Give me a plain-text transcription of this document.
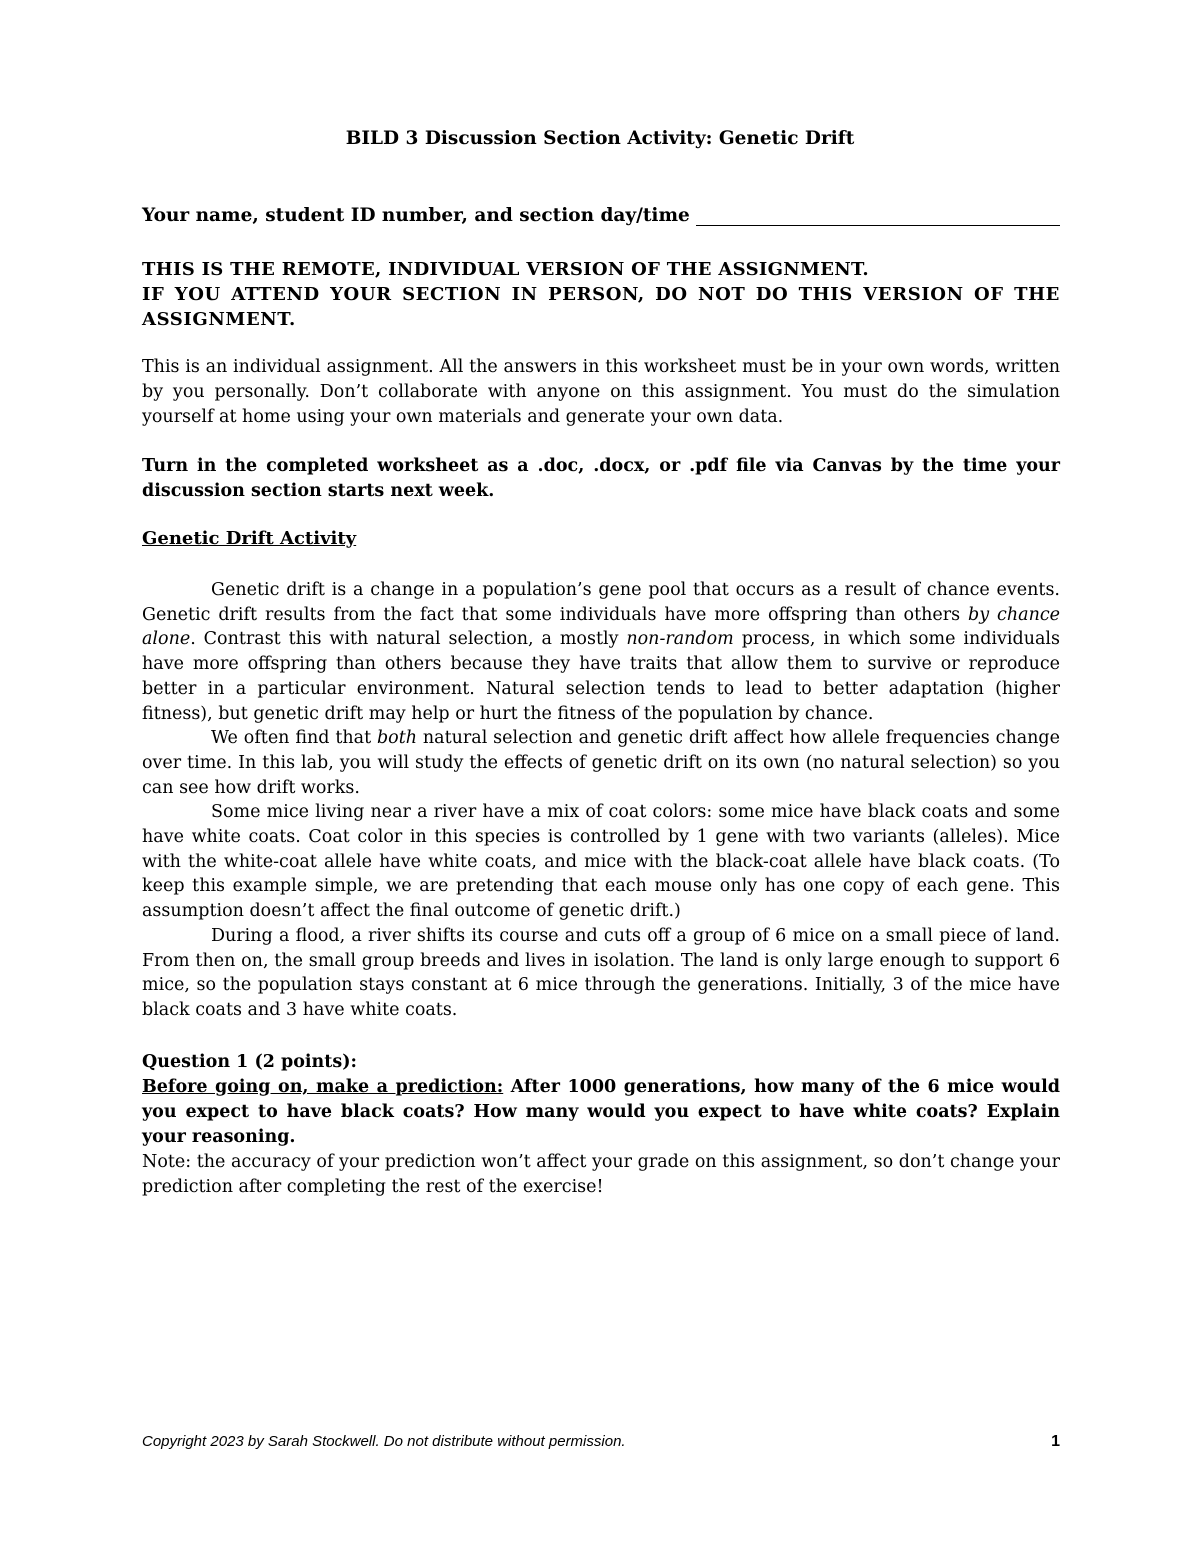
BILD 3 Discussion Section Activity: Genetic Drift
Your name, student ID number, and section day/time

THIS IS THE REMOTE, INDIVIDUAL VERSION OF THE ASSIGNMENT.

IF YOU ATTEND YOUR SECTION IN PERSON, DO NOT DO THIS VERSION OF THE ASSIGNMENT.

This is an individual assignment. All the answers in this worksheet must be in your own words, written by you personally. Don’t collaborate with anyone on this assignment. You must do the simulation yourself at home using your own materials and generate your own data.

Turn in the completed worksheet as a .doc, .docx, or .pdf file via Canvas by the time your discussion section starts next week.

Genetic Drift Activity

Genetic drift is a change in a population’s gene pool that occurs as a result of chance events. Genetic drift results from the fact that some individuals have more offspring than others by chance alone. Contrast this with natural selection, a mostly non-random process, in which some individuals have more offspring than others because they have traits that allow them to survive or reproduce better in a particular environment. Natural selection tends to lead to better adaptation (higher fitness), but genetic drift may help or hurt the fitness of the population by chance.

We often find that both natural selection and genetic drift affect how allele frequencies change over time. In this lab, you will study the effects of genetic drift on its own (no natural selection) so you can see how drift works.

Some mice living near a river have a mix of coat colors: some mice have black coats and some have white coats. Coat color in this species is controlled by 1 gene with two variants (alleles). Mice with the white-coat allele have white coats, and mice with the black-coat allele have black coats. (To keep this example simple, we are pretending that each mouse only has one copy of each gene. This assumption doesn’t affect the final outcome of genetic drift.)

During a flood, a river shifts its course and cuts off a group of 6 mice on a small piece of land. From then on, the small group breeds and lives in isolation. The land is only large enough to support 6 mice, so the population stays constant at 6 mice through the generations. Initially, 3 of the mice have black coats and 3 have white coats.

Question 1 (2 points):

Before going on, make a prediction: After 1000 generations, how many of the 6 mice would you expect to have black coats? How many would you expect to have white coats? Explain your reasoning.

Note: the accuracy of your prediction won’t affect your grade on this assignment, so don’t change your prediction after completing the rest of the exercise!

Copyright 2023 by Sarah Stockwell. Do not distribute without permission.	1
